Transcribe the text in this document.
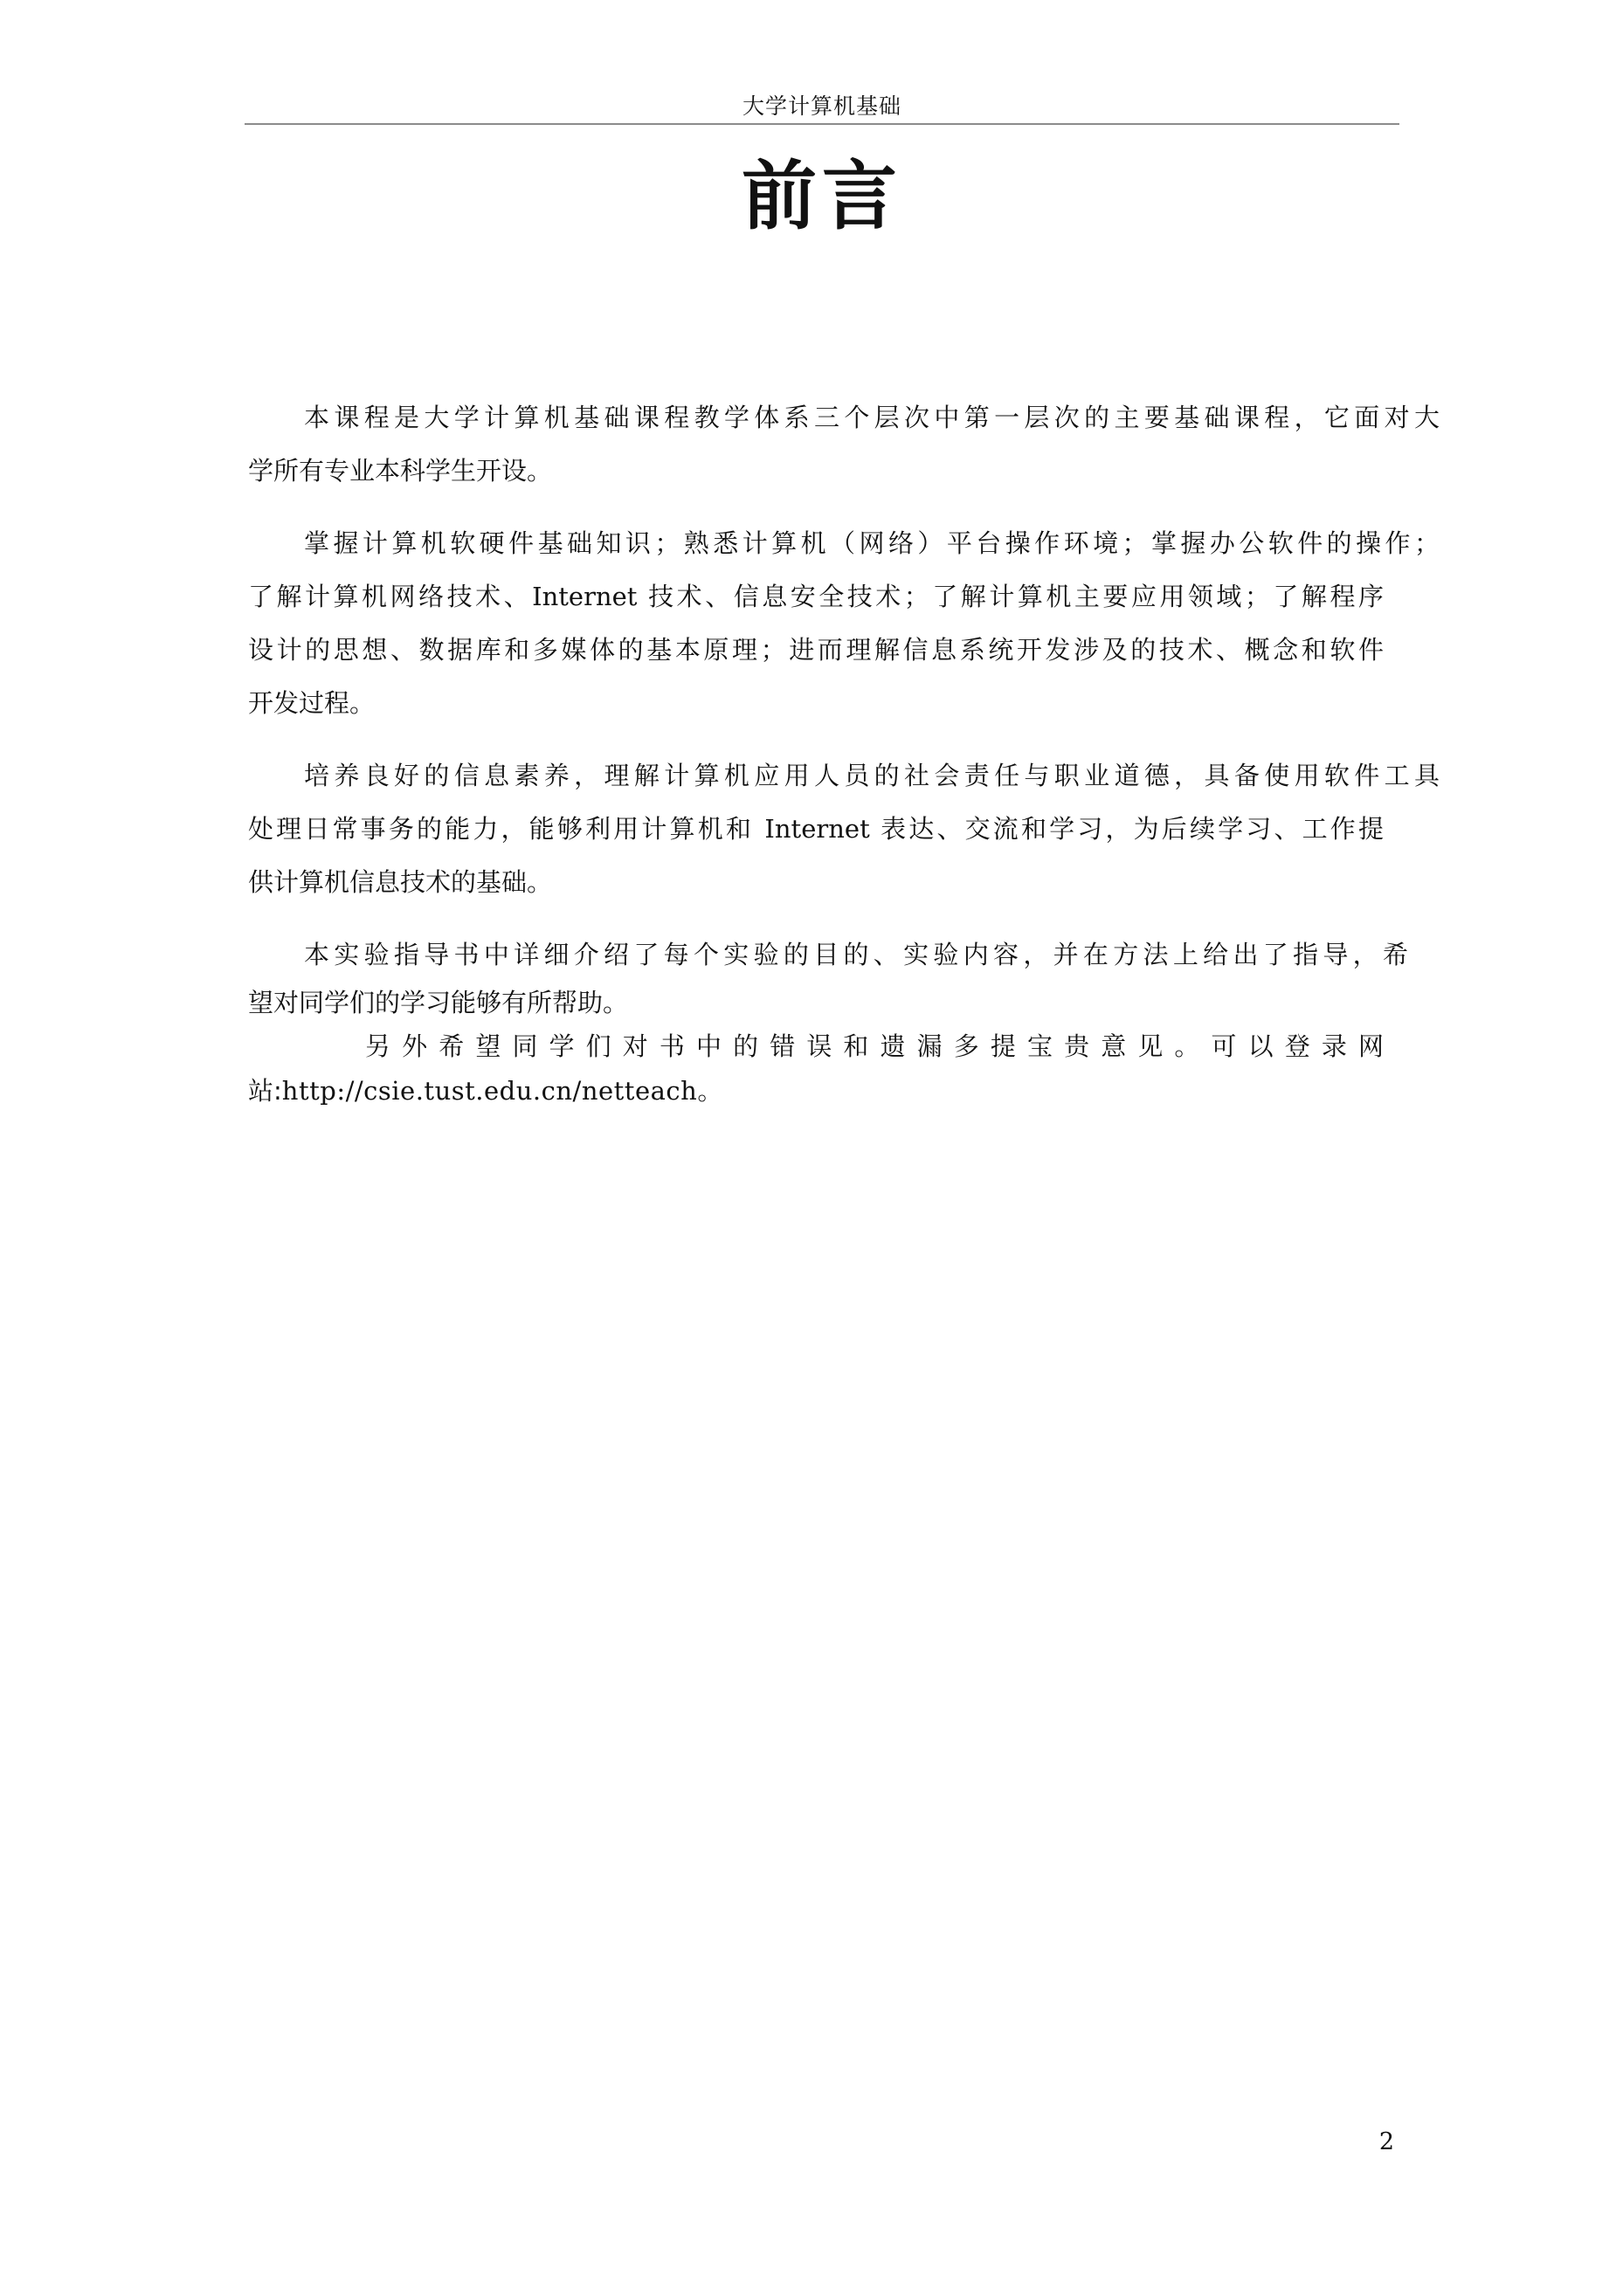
大学计算机基础
前言

本课程是大学计算机基础课程教学体系三个层次中第一层次的主要基础课程，它面对大

学所有专业本科学生开设。

掌握计算机软硬件基础知识；熟悉计算机（网络）平台操作环境；掌握办公软件的操作；

了解计算机网络技术、Internet 技术、信息安全技术；了解计算机主要应用领域；了解程序

设计的思想、数据库和多媒体的基本原理；进而理解信息系统开发涉及的技术、概念和软件

开发过程。

培养良好的信息素养，理解计算机应用人员的社会责任与职业道德，具备使用软件工具

处理日常事务的能力，能够利用计算机和 Internet 表达、交流和学习，为后续学习、工作提

供计算机信息技术的基础。

本实验指导书中详细介绍了每个实验的目的、实验内容，并在方法上给出了指导，希

望对同学们的学习能够有所帮助。

另外希望同学们对书中的错误和遗漏多提宝贵意见。可以登录网

站:http://csie.tust.edu.cn/netteach。

2
